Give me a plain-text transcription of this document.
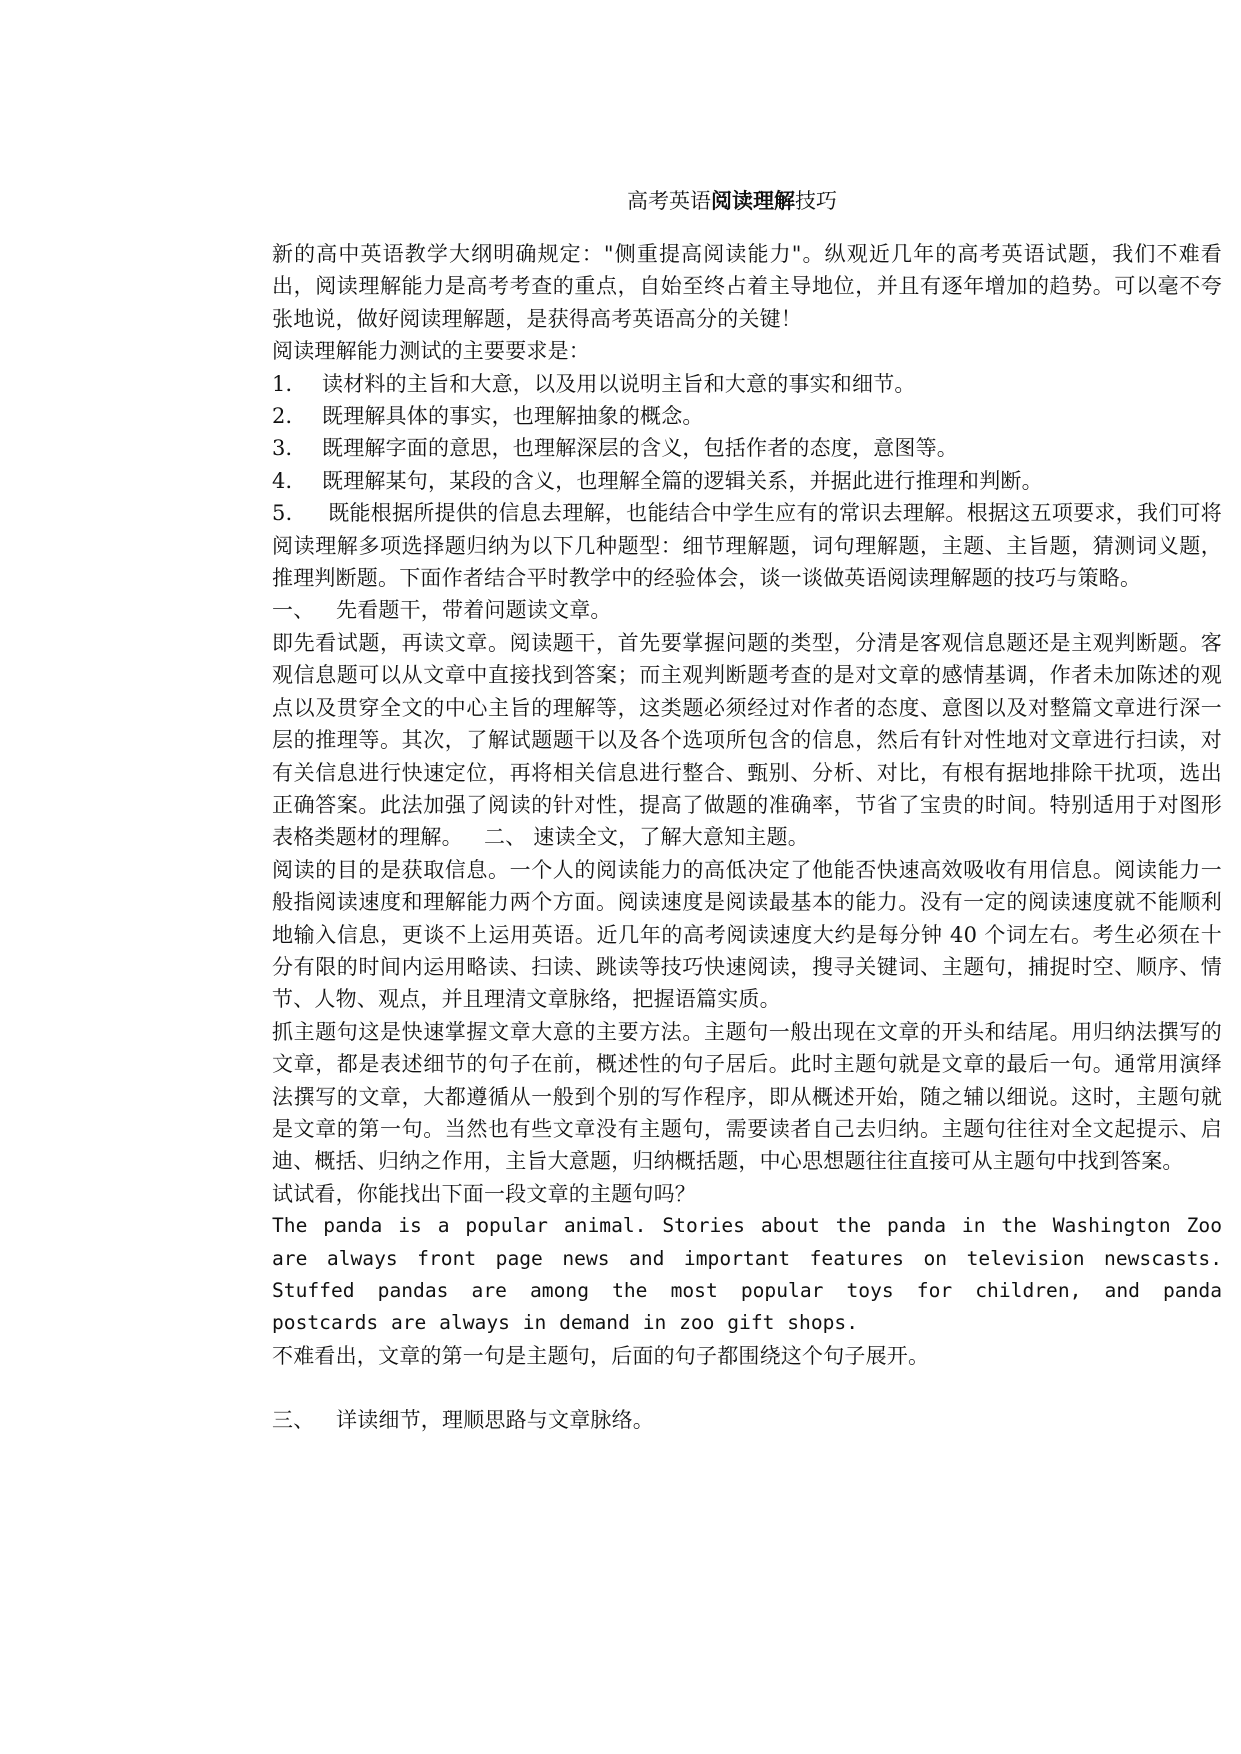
高考英语阅读理解技巧

新的高中英语教学大纲明确规定："侧重提高阅读能力"。纵观近几年的高考英语试题，我们不难看出，阅读理解能力是高考考查的重点，自始至终占着主导地位，并且有逐年增加的趋势。可以毫不夸张地说，做好阅读理解题，是获得高考英语高分的关键！

阅读理解能力测试的主要要求是：

1． 读材料的主旨和大意，以及用以说明主旨和大意的事实和细节。
2． 既理解具体的事实，也理解抽象的概念。
3． 既理解字面的意思，也理解深层的含义，包括作者的态度，意图等。
4． 既理解某句，某段的含义，也理解全篇的逻辑关系，并据此进行推理和判断。

5．  既能根据所提供的信息去理解，也能结合中学生应有的常识去理解。根据这五项要求，我们可将阅读理解多项选择题归纳为以下几种题型：细节理解题，词句理解题，主题、主旨题，猜测词义题，推理判断题。下面作者结合平时教学中的经验体会，谈一谈做英语阅读理解题的技巧与策略。

一、	先看题干，带着问题读文章。

即先看试题，再读文章。阅读题干，首先要掌握问题的类型，分清是客观信息题还是主观判断题。客观信息题可以从文章中直接找到答案；而主观判断题考查的是对文章的感情基调，作者未加陈述的观点以及贯穿全文的中心主旨的理解等，这类题必须经过对作者的态度、意图以及对整篇文章进行深一层的推理等。其次，了解试题题干以及各个选项所包含的信息，然后有针对性地对文章进行扫读，对有关信息进行快速定位，再将相关信息进行整合、甄别、分析、对比，有根有据地排除干扰项，选出正确答案。此法加强了阅读的针对性，提高了做题的准确率，节省了宝贵的时间。特别适用于对图形表格类题材的理解。  二、 速读全文，了解大意知主题。

阅读的目的是获取信息。一个人的阅读能力的高低决定了他能否快速高效吸收有用信息。阅读能力一般指阅读速度和理解能力两个方面。阅读速度是阅读最基本的能力。没有一定的阅读速度就不能顺利地输入信息，更谈不上运用英语。近几年的高考阅读速度大约是每分钟 40 个词左右。考生必须在十分有限的时间内运用略读、扫读、跳读等技巧快速阅读，搜寻关键词、主题句，捕捉时空、顺序、情节、人物、观点，并且理清文章脉络，把握语篇实质。

抓主题句这是快速掌握文章大意的主要方法。主题句一般出现在文章的开头和结尾。用归纳法撰写的文章，都是表述细节的句子在前，概述性的句子居后。此时主题句就是文章的最后一句。通常用演绎法撰写的文章，大都遵循从一般到个别的写作程序，即从概述开始，随之辅以细说。这时，主题句就是文章的第一句。当然也有些文章没有主题句，需要读者自己去归纳。主题句往往对全文起提示、启迪、概括、归纳之作用，主旨大意题，归纳概括题，中心思想题往往直接可从主题句中找到答案。

试试看，你能找出下面一段文章的主题句吗？

The panda is a popular animal. Stories about the panda in the Washington Zoo are always front page news and important features on television newscasts. Stuffed pandas are among the most popular toys for children, and panda postcards are always in demand in zoo gift shops.

不难看出，文章的第一句是主题句，后面的句子都围绕这个句子展开。

三、	详读细节，理顺思路与文章脉络。
